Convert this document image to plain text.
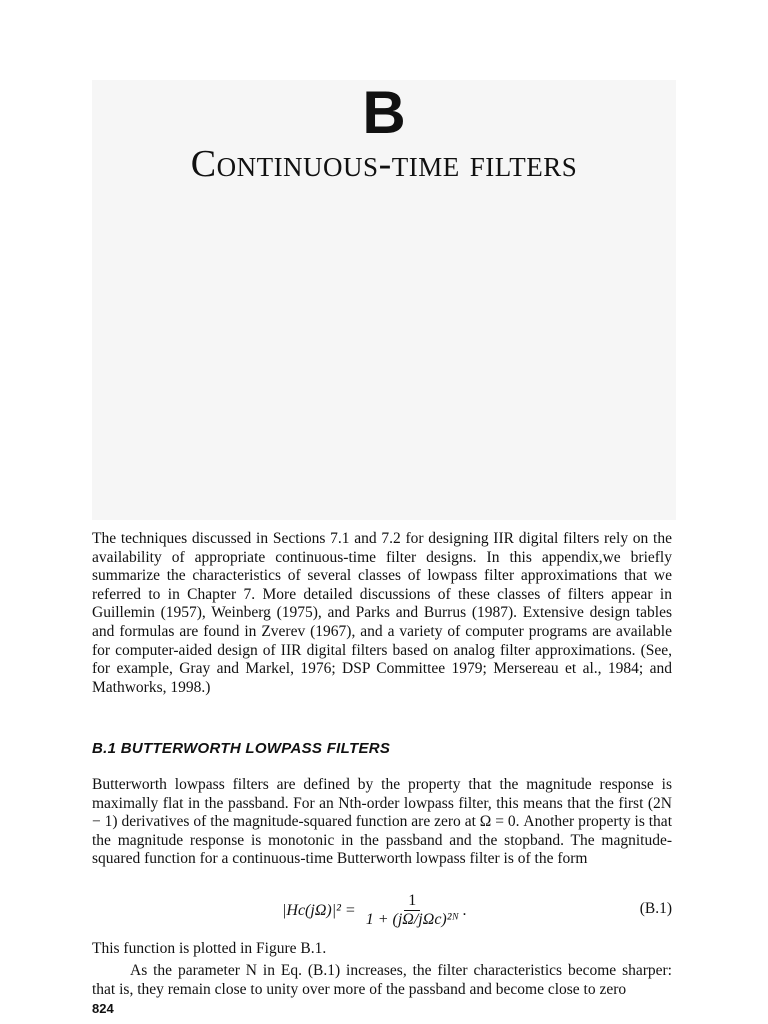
B
Continuous-time filters

The techniques discussed in Sections 7.1 and 7.2 for designing IIR digital filters rely on the availability of appropriate continuous-time filter designs. In this appendix,we briefly summarize the characteristics of several classes of lowpass filter approximations that we referred to in Chapter 7. More detailed discussions of these classes of filters appear in Guillemin (1957), Weinberg (1975), and Parks and Burrus (1987). Extensive design tables and formulas are found in Zverev (1967), and a variety of computer programs are available for computer-aided design of IIR digital filters based on analog filter approximations. (See, for example, Gray and Markel, 1976; DSP Committee 1979; Mersereau et al., 1984; and Mathworks, 1998.)

B.1 BUTTERWORTH LOWPASS FILTERS

Butterworth lowpass filters are defined by the property that the magnitude response is maximally flat in the passband. For an Nth-order lowpass filter, this means that the first (2N − 1) derivatives of the magnitude-squared function are zero at Ω = 0. Another property is that the magnitude response is monotonic in the passband and the stopband. The magnitude-squared function for a continuous-time Butterworth lowpass filter is of the form

$|Hc(j\Omega)|^2 = \frac{1}{\text{1 + (jΩ/jΩc)²ᴺ}}$ .	(B.1)

This function is plotted in Figure B.1.

As the parameter N in Eq. (B.1) increases, the filter characteristics become sharper: that is, they remain close to unity over more of the passband and become close to zero

824
